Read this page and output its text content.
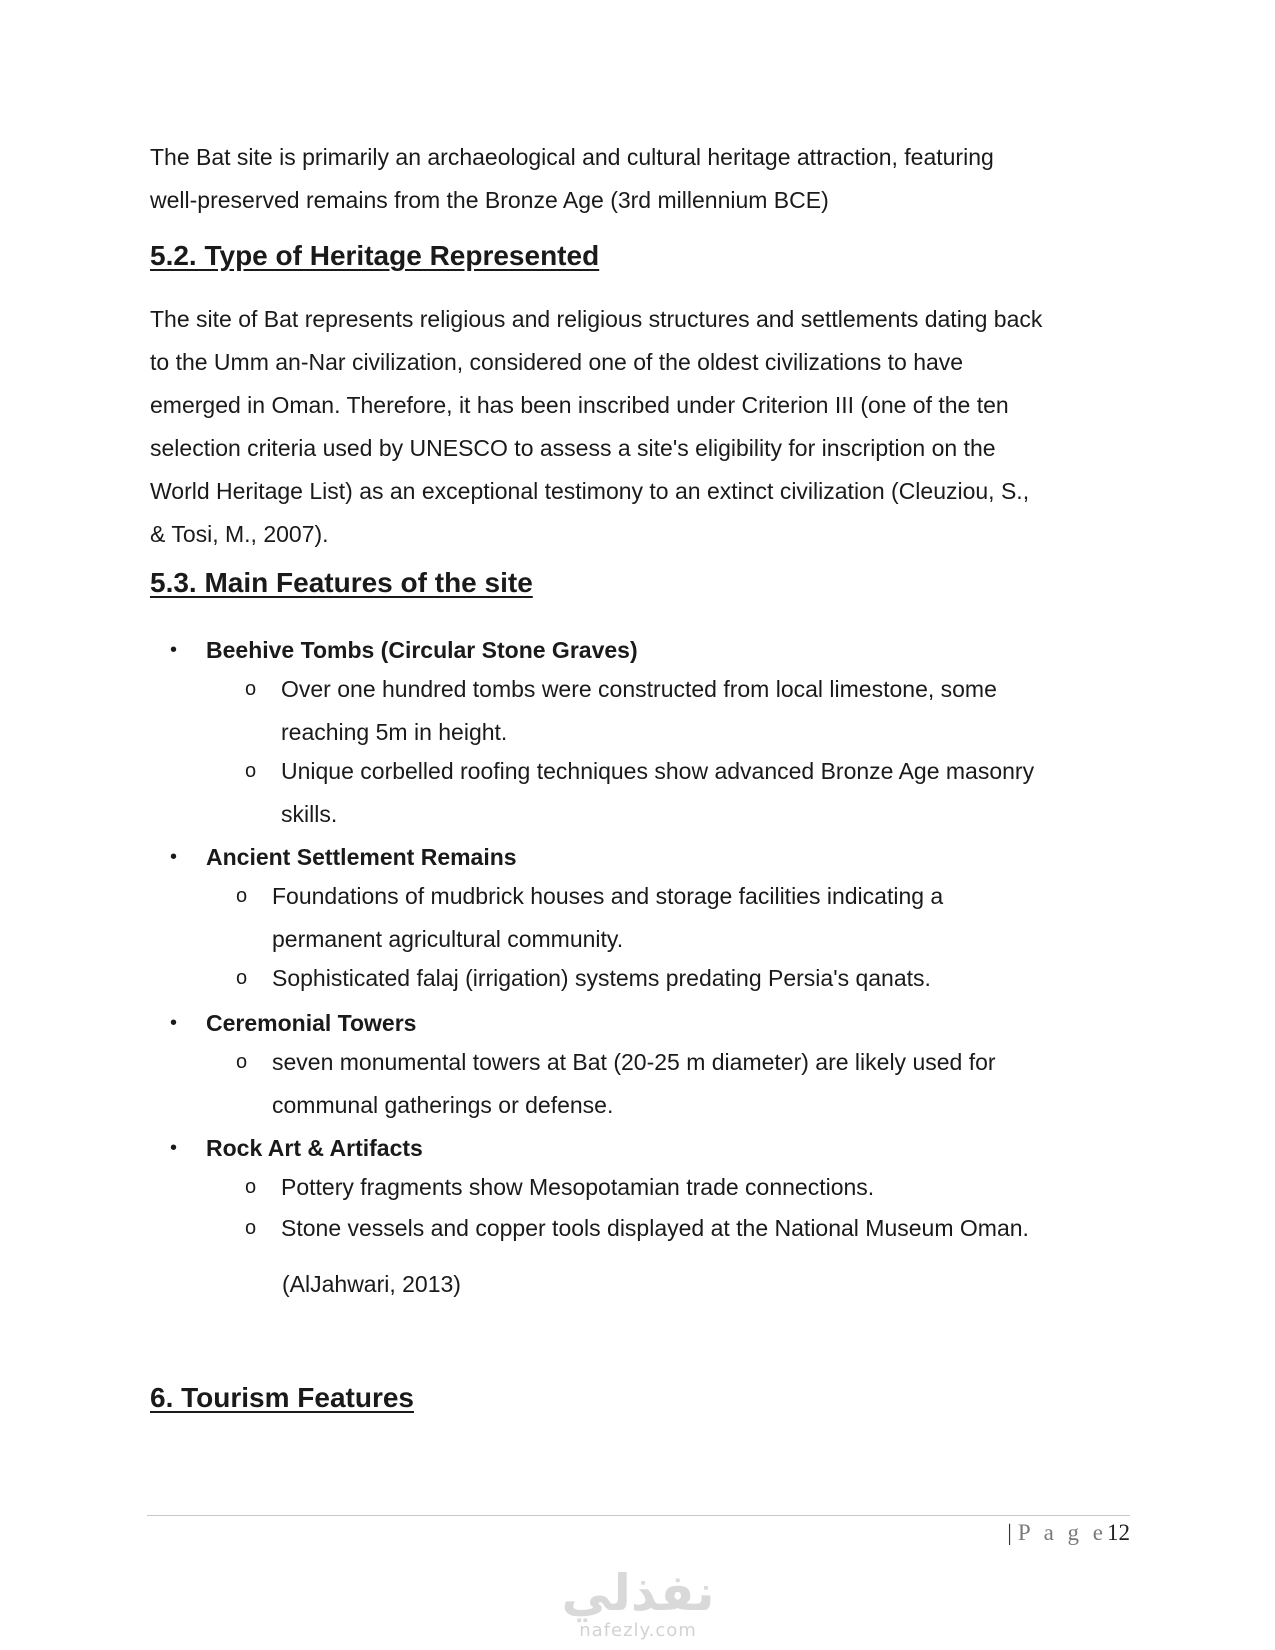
The Bat site is primarily an archaeological and cultural heritage attraction, featuring
well-preserved remains from the Bronze Age (3rd millennium BCE)

5.2. Type of Heritage Represented

The site of Bat represents religious and religious structures and settlements dating back
to the Umm an-Nar civilization, considered one of the oldest civilizations to have
emerged in Oman. Therefore, it has been inscribed under Criterion III (one of the ten
selection criteria used by UNESCO to assess a site's eligibility for inscription on the
World Heritage List) as an exceptional testimony to an extinct civilization (Cleuziou, S.,
& Tosi, M., 2007).

5.3. Main Features of the site
• Beehive Tombs (Circular Stone Graves)
o Over one hundred tombs were constructed from local limestone, some
reaching 5m in height.
o Unique corbelled roofing techniques show advanced Bronze Age masonry
skills.
• Ancient Settlement Remains
o Foundations of mudbrick houses and storage facilities indicating a
permanent agricultural community.
o Sophisticated falaj (irrigation) systems predating Persia's qanats.
• Ceremonial Towers
o seven monumental towers at Bat (20-25 m diameter) are likely used for
communal gatherings or defense.
• Rock Art & Artifacts
o Pottery fragments show Mesopotamian trade connections.
o Stone vessels and copper tools displayed at the National Museum Oman.
(AlJahwari, 2013)
6. Tourism Features
| P a g e12
نفذلي
nafezly.com
